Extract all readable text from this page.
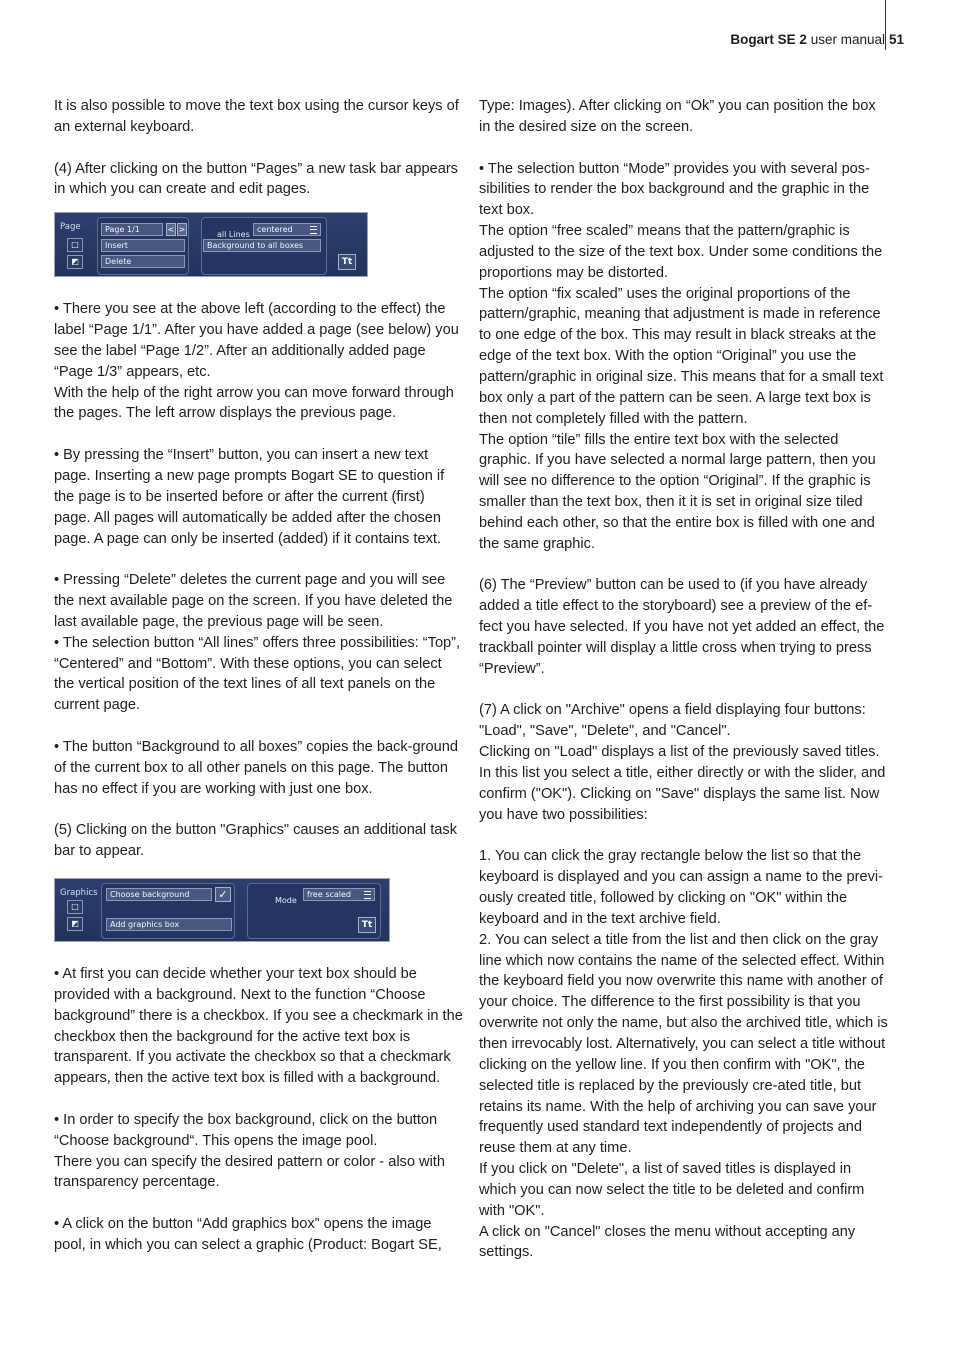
Bogart SE 2 user manual 51

It is also possible to move the text box using the cursor keys of an external keyboard.

(4) After clicking on the button “Pages” a new task bar appears in which you can create and edit pages.

Page
□
◩
Page 1/1	< >
Insert
Delete
all Lines
centered
Background to all boxes
Tt

• There you see at the above left (according to the effect) the label “Page 1/1”. After you have added a page (see below) you see the label “Page 1/2”. After an additionally added page “Page 1/3” appears, etc.

With the help of the right arrow you can move forward through the pages. The left arrow displays the previous page.

• By pressing the “Insert” button, you can insert a new text page. Inserting a new page prompts Bogart SE to question if the page is to be inserted before or after the current (first) page. All pages will automatically be added after the chosen page. A page can only be inserted (added) if it contains text.

• Pressing “Delete” deletes the current page and you will see the next available page on the screen. If you have deleted the last available page, the previous page will be seen.

• The selection button “All lines” offers three possibilities: “Top”, “Centered” and “Bottom”. With these options, you can select the vertical position of the text lines of all text panels on the current page.

• The button “Background to all boxes” copies the back-ground of the current box to all other panels on this page. The button has no effect if you are working with just one box.

(5) Clicking on the button "Graphics" causes an additional task bar to appear.

Graphics
□
◩
Choose background	✓
Add graphics box
Mode
free scaled
Tt

• At first you can decide whether your text box should be provided with a background. Next to the function “Choose background” there is a checkbox. If you see a checkmark in the checkbox then the background for the active text box is transparent. If you activate the checkbox so that a checkmark appears, then the active text box is filled with a background.

• In order to specify the box background, click on the button “Choose background“. This opens the image pool.

There you can specify the desired pattern or color - also with transparency percentage.

• A click on the button “Add graphics box” opens the image pool, in which you can select a graphic (Product: Bogart SE,

Type: Images). After clicking on “Ok” you can position the box in the desired size on the screen.

• The selection button “Mode” provides you with several pos-sibilities to render the box background and the graphic in the text box.

The option “free scaled” means that the pattern/graphic is adjusted to the size of the text box. Under some conditions the proportions may be distorted.

The option “fix scaled” uses the original proportions of the pattern/graphic, meaning that adjustment is made in reference to one edge of the box. This may result in black streaks at the edge of the text box. With the option “Original” you use the pattern/graphic in original size. This means that for a small text box only a part of the pattern can be seen. A large text box is then not completely filled with the pattern.

The option “tile” fills the entire text box with the selected graphic. If you have selected a normal large pattern, then you will see no difference to the option “Original”. If the graphic is smaller than the text box, then it it is set in original size tiled behind each other, so that the entire box is filled with one and the same graphic.

(6) The “Preview” button can be used to (if you have already added a title effect to the storyboard) see a preview of the ef-fect you have selected. If you have not yet added an effect, the trackball pointer will display a little cross when trying to press “Preview”.

(7) A click on "Archive" opens a field displaying four buttons: "Load", "Save", "Delete", and "Cancel".

Clicking on "Load" displays a list of the previously saved titles. In this list you select a title, either directly or with the slider, and confirm ("OK"). Clicking on "Save" displays the same list. Now you have two possibilities:

1. You can click the gray rectangle below the list so that the keyboard is displayed and you can assign a name to the previ-ously created title, followed by clicking on "OK" within the keyboard and in the text archive field.

2. You can select a title from the list and then click on the gray line which now contains the name of the selected effect. Within the keyboard field you now overwrite this name with another of your choice. The difference to the first possibility is that you overwrite not only the name, but also the archived title, which is then irrevocably lost. Alternatively, you can select a title without clicking on the yellow line. If you then confirm with "OK", the selected title is replaced by the previously cre-ated title, but retains its name. With the help of archiving you can save your frequently used standard text independently of projects and reuse them at any time.

If you click on "Delete", a list of saved titles is displayed in which you can now select the title to be deleted and confirm with "OK".

A click on "Cancel" closes the menu without accepting any settings.
